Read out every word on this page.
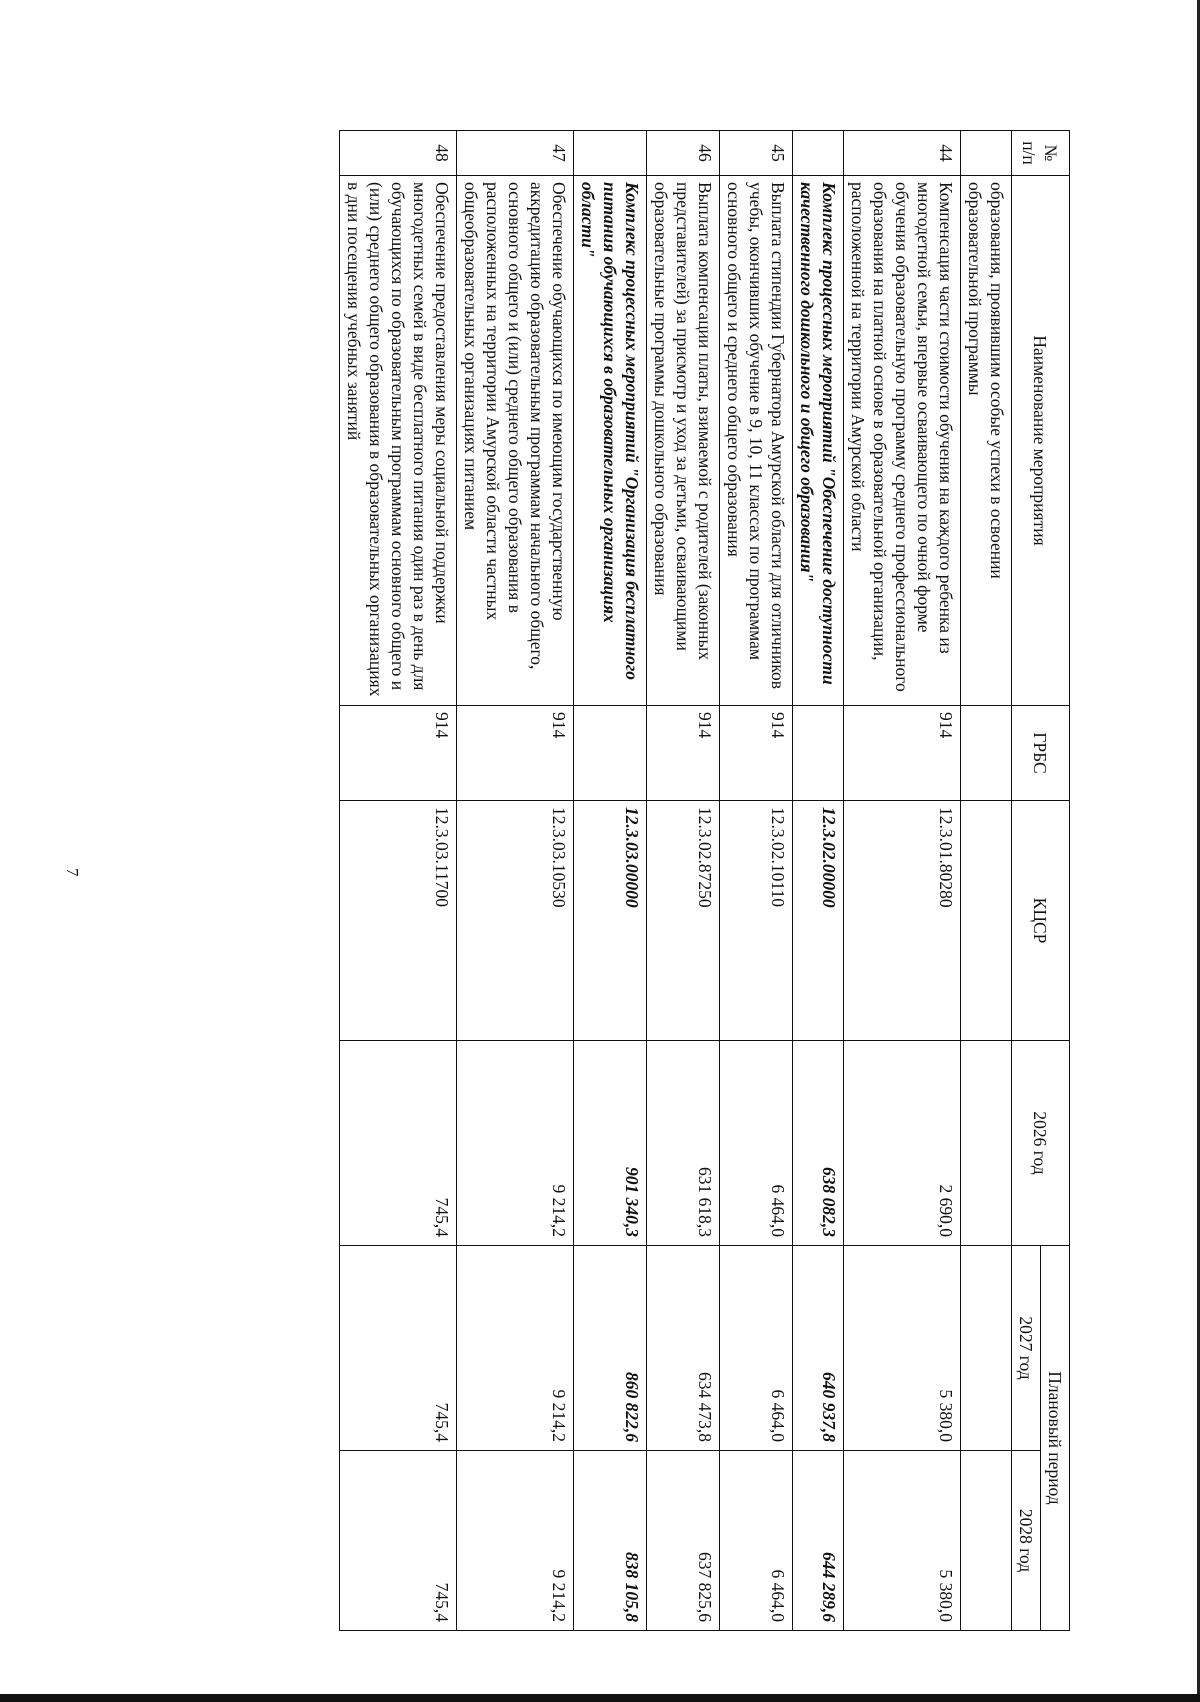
7
№
п/п	Наименование мероприятия	ГРБС	КЦСР	2026 год	Плановый период	
					2027 год	2028 год
	образования, проявившим особые успехи в освоении образовательной программы					
44	Компенсация части стоимости обучения на каждого ребенка из многодетной семьи, впервые осваивающего по очной форме обучения образовательную программу среднего профессионального образования на платной основе в образовательной организации, расположенной на территории Амурской области	914	12.3.01.80280	2 690,0	5 380,0	5 380,0
	Комплекс процессных мероприятий "Обеспечение доступности качественного дошкольного и общего образования"		12.3.02.00000	638 082,3	640 937,8	644 289,6
45	Выплата стипендии Губернатора Амурской области для отличников учебы, окончивших обучение в 9, 10, 11 классах по программам основного общего и среднего общего образования	914	12.3.02.10110	6 464,0	6 464,0	6 464,0
46	Выплата компенсации платы, взимаемой с родителей (законных представителей) за присмотр и уход за детьми, осваивающими образовательные программы дошкольного образования	914	12.3.02.87250	631 618,3	634 473,8	637 825,6
	Комплекс процессных мероприятий "Организация бесплатного питания обучающихся в образовательных организациях области"		12.3.03.00000	901 340,3	860 822,6	838 105,8
47	Обеспечение обучающихся по имеющим государственную аккредитацию образовательным программам начального общего, основного общего и (или) среднего общего образования в расположенных на территории Амурской области частных общеобразовательных организациях питанием	914	12.3.03.10530	9 214,2	9 214,2	9 214,2
48	Обеспечение предоставления меры социальной поддержки многодетных семей в виде бесплатного питания один раз в день для обучающихся по образовательным программам основного общего и (или) среднего общего образования в образовательных организациях в дни посещения учебных занятий	914	12.3.03.11700	745,4	745,4	745,4
